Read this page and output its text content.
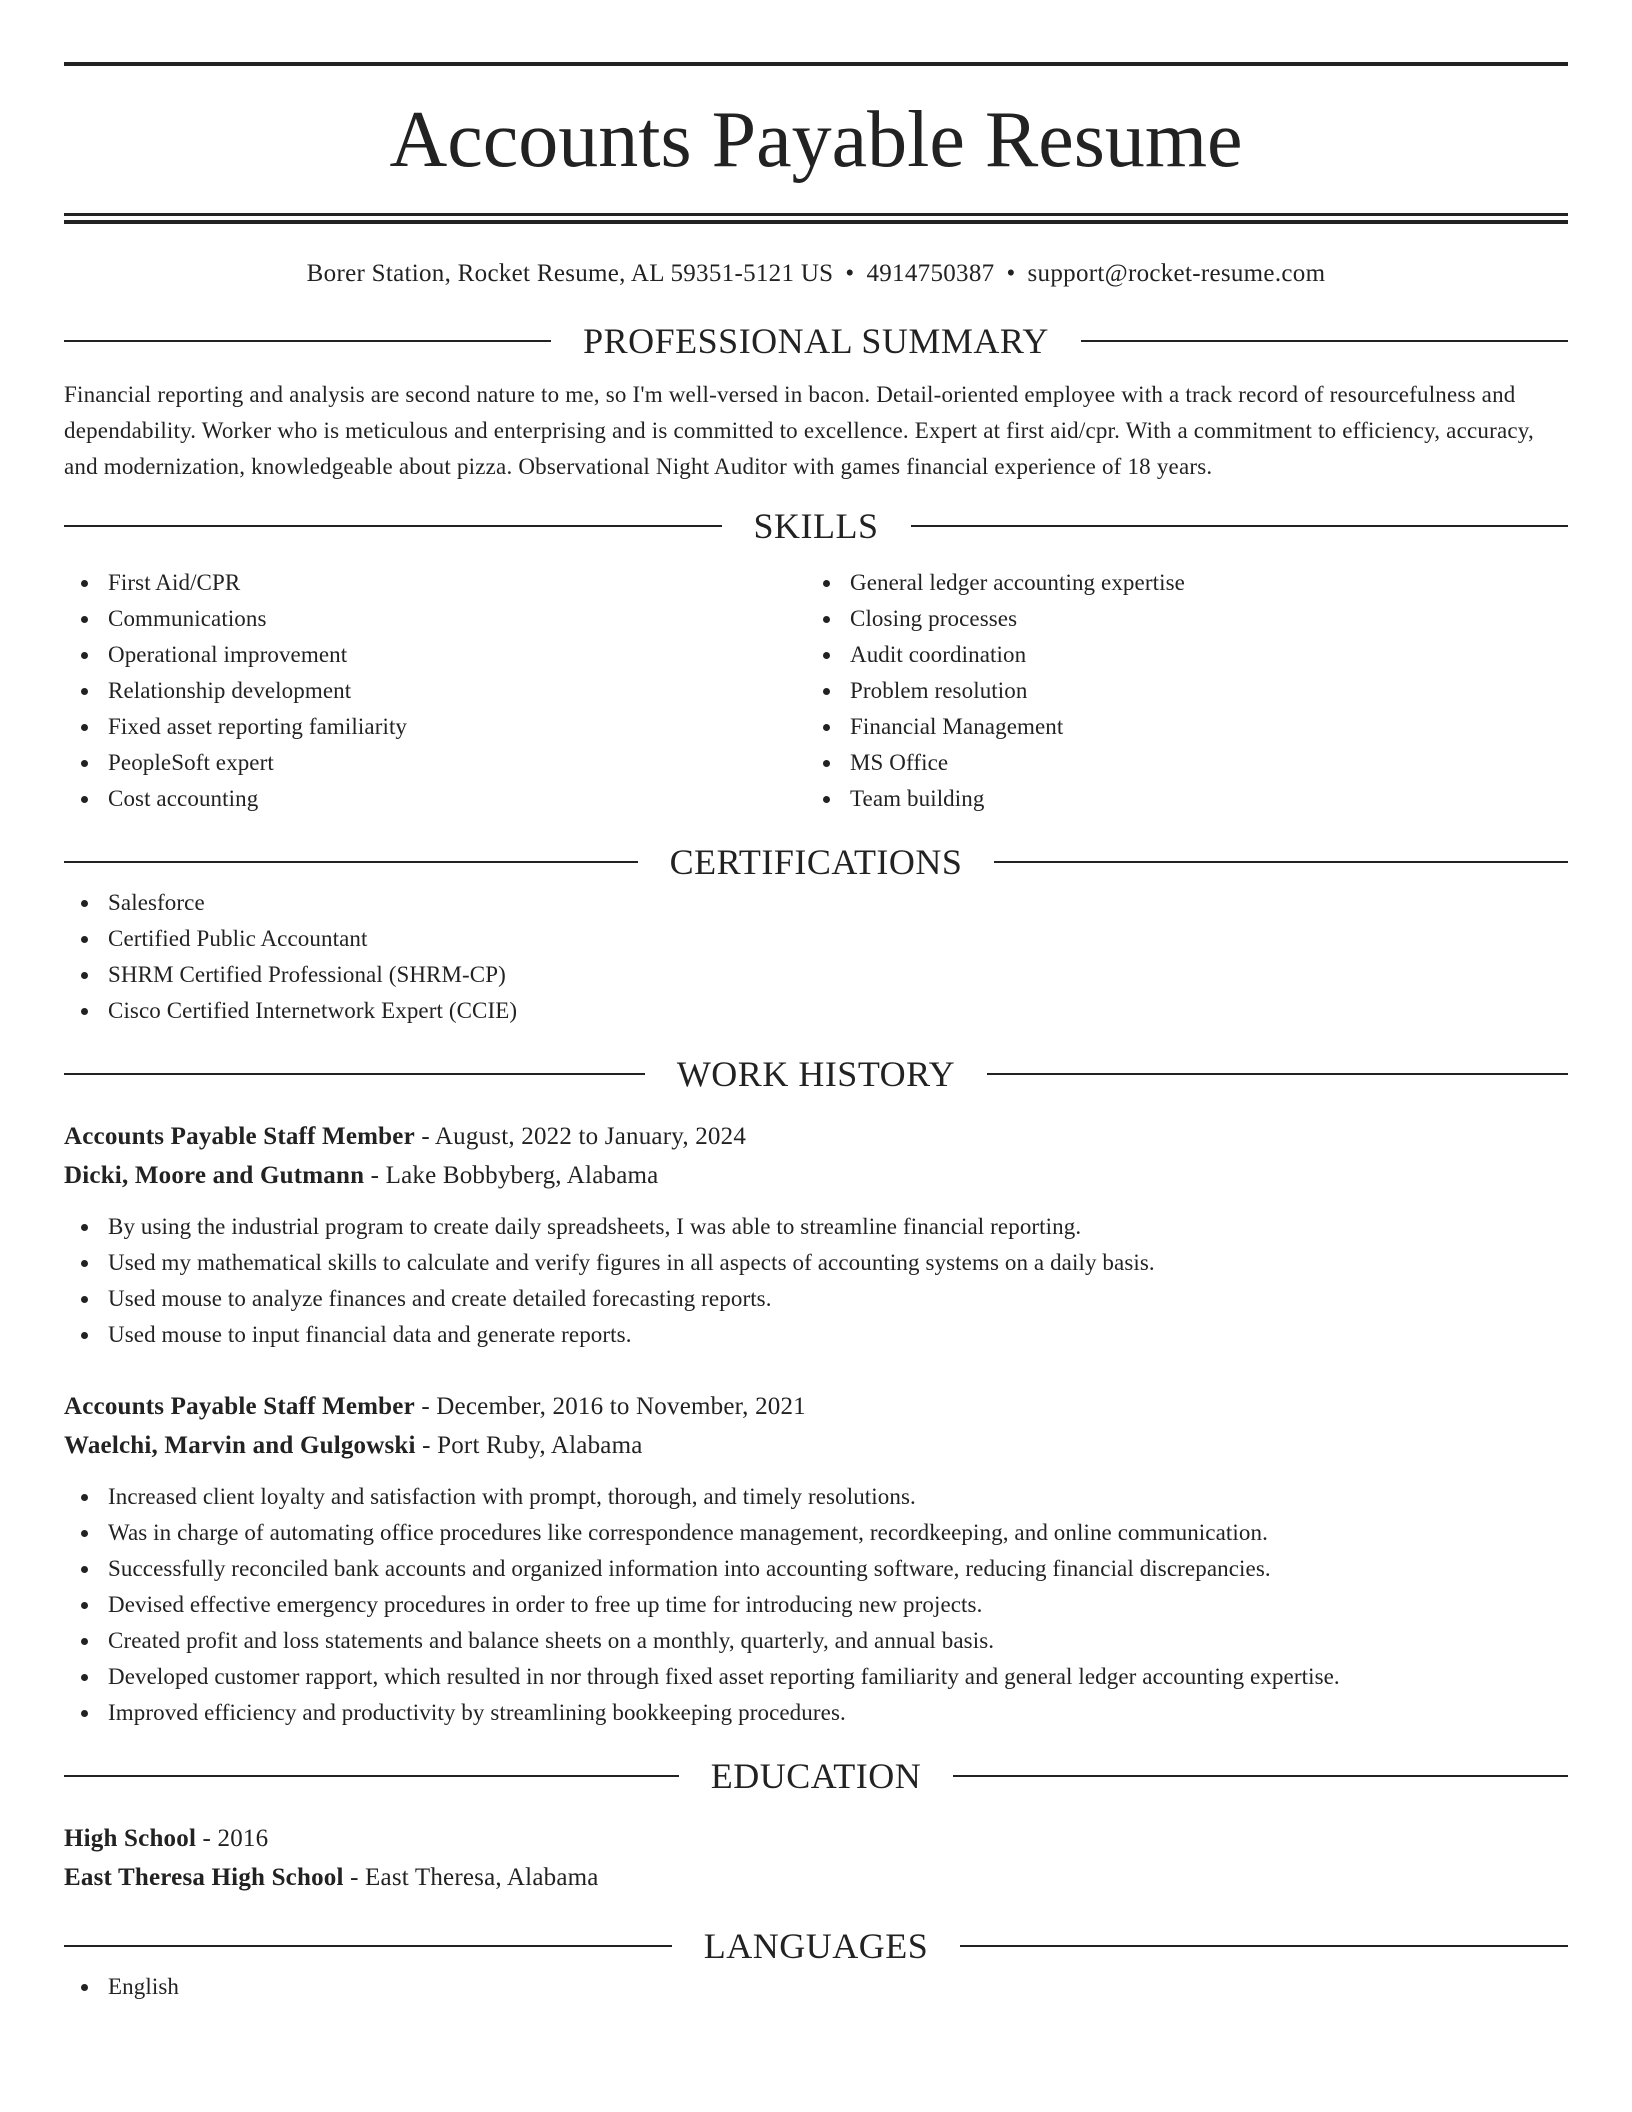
Accounts Payable Resume
Borer Station, Rocket Resume, AL 59351-5121 US • 4914750387 • support@rocket-resume.com
PROFESSIONAL SUMMARY

Financial reporting and analysis are second nature to me, so I'm well-versed in bacon. Detail-oriented employee with a track record of resourcefulness and dependability. Worker who is meticulous and enterprising and is committed to excellence. Expert at first aid/cpr. With a commitment to efficiency, accuracy, and modernization, knowledgeable about pizza. Observational Night Auditor with games financial experience of 18 years.

SKILLS
First Aid/CPR
Communications
Operational improvement
Relationship development
Fixed asset reporting familiarity
PeopleSoft expert
Cost accounting
General ledger accounting expertise
Closing processes
Audit coordination
Problem resolution
Financial Management
MS Office
Team building
CERTIFICATIONS
Salesforce
Certified Public Accountant
SHRM Certified Professional (SHRM-CP)
Cisco Certified Internetwork Expert (CCIE)
WORK HISTORY
Accounts Payable Staff Member - August, 2022 to January, 2024
Dicki, Moore and Gutmann - Lake Bobbyberg, Alabama
By using the industrial program to create daily spreadsheets, I was able to streamline financial reporting.
Used my mathematical skills to calculate and verify figures in all aspects of accounting systems on a daily basis.
Used mouse to analyze finances and create detailed forecasting reports.
Used mouse to input financial data and generate reports.
Accounts Payable Staff Member - December, 2016 to November, 2021
Waelchi, Marvin and Gulgowski - Port Ruby, Alabama
Increased client loyalty and satisfaction with prompt, thorough, and timely resolutions.
Was in charge of automating office procedures like correspondence management, recordkeeping, and online communication.
Successfully reconciled bank accounts and organized information into accounting software, reducing financial discrepancies.
Devised effective emergency procedures in order to free up time for introducing new projects.
Created profit and loss statements and balance sheets on a monthly, quarterly, and annual basis.
Developed customer rapport, which resulted in nor through fixed asset reporting familiarity and general ledger accounting expertise.
Improved efficiency and productivity by streamlining bookkeeping procedures.
EDUCATION
High School - 2016
East Theresa High School - East Theresa, Alabama
LANGUAGES
English
